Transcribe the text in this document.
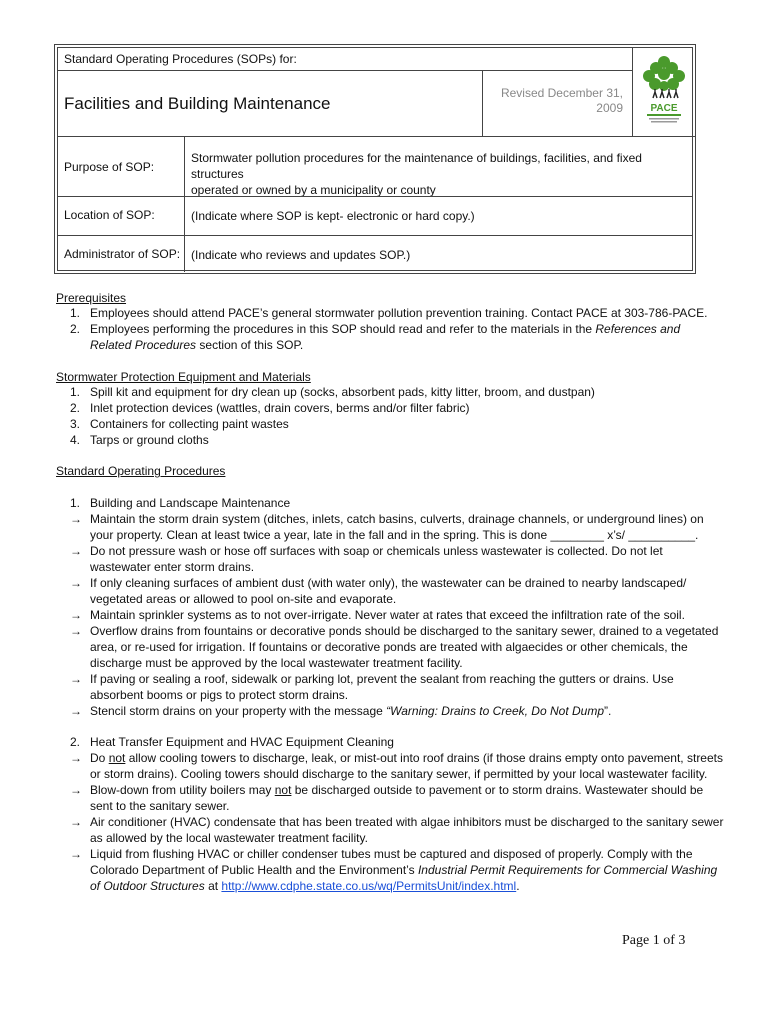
Standard Operating Procedures (SOPs) for:
PACE
Facilities and Building Maintenance
Revised December 31,
2009
Purpose of SOP:
Stormwater pollution procedures for the maintenance of buildings, facilities, and fixed structures
operated or owned by a municipality or county
Location of SOP:	(Indicate where SOP is kept- electronic or hard copy.)
Administrator of SOP: (Indicate who reviews and updates SOP.)
Prerequisites
1. Employees should attend PACE’s general stormwater pollution prevention training. Contact PACE at 303-786-PACE.
2. Employees performing the procedures in this SOP should read and refer to the materials in the References and
Related Procedures section of this SOP.
Stormwater Protection Equipment and Materials
1. Spill kit and equipment for dry clean up (socks, absorbent pads, kitty litter, broom, and dustpan)
2. Inlet protection devices (wattles, drain covers, berms and/or filter fabric)
3. Containers for collecting paint wastes
4. Tarps or ground cloths
Standard Operating Procedures
1. Building and Landscape Maintenance
→ Maintain the storm drain system (ditches, inlets, catch basins, culverts, drainage channels, or underground lines) on
your property. Clean at least twice a year, late in the fall and in the spring. This is done ________ x’s/ __________.
→ Do not pressure wash or hose off surfaces with soap or chemicals unless wastewater is collected. Do not let
wastewater enter storm drains.
→ If only cleaning surfaces of ambient dust (with water only), the wastewater can be drained to nearby landscaped/
vegetated areas or allowed to pool on-site and evaporate.
→ Maintain sprinkler systems as to not over-irrigate. Never water at rates that exceed the infiltration rate of the soil.
→ Overflow drains from fountains or decorative ponds should be discharged to the sanitary sewer, drained to a vegetated
area, or re-used for irrigation. If fountains or decorative ponds are treated with algaecides or other chemicals, the
discharge must be approved by the local wastewater treatment facility.
→ If paving or sealing a roof, sidewalk or parking lot, prevent the sealant from reaching the gutters or drains. Use
absorbent booms or pigs to protect storm drains.
→ Stencil storm drains on your property with the message “Warning: Drains to Creek, Do Not Dump”.
2. Heat Transfer Equipment and HVAC Equipment Cleaning
→ Do not allow cooling towers to discharge, leak, or mist-out into roof drains (if those drains empty onto pavement, streets
or storm drains). Cooling towers should discharge to the sanitary sewer, if permitted by your local wastewater facility.
→ Blow-down from utility boilers may not be discharged outside to pavement or to storm drains. Wastewater should be
sent to the sanitary sewer.
→ Air conditioner (HVAC) condensate that has been treated with algae inhibitors must be discharged to the sanitary sewer
as allowed by the local wastewater treatment facility.
→ Liquid from flushing HVAC or chiller condenser tubes must be captured and disposed of properly. Comply with the
Colorado Department of Public Health and the Environment’s Industrial Permit Requirements for Commercial Washing
of Outdoor Structures at http://www.cdphe.state.co.us/wq/PermitsUnit/index.html.
Page 1 of 3
